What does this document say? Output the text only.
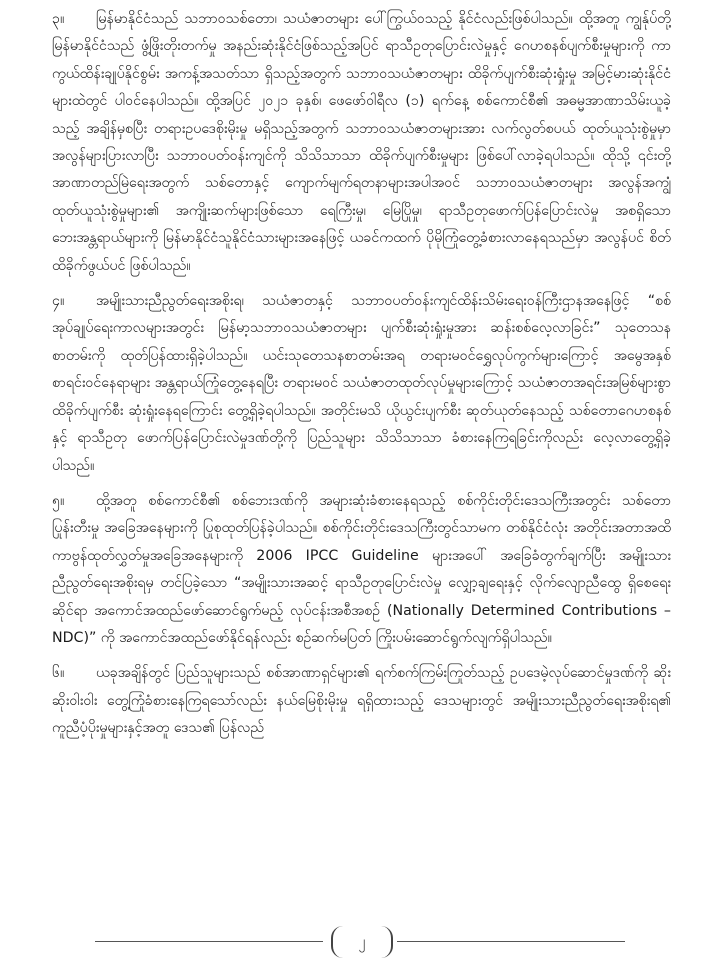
၃။ မြန်မာနိုင်ငံသည် သဘာဝသစ်တော၊ သယံဇာတများ ပေါ်ကြွယ်ဝသည့် နိုင်ငံလည်းဖြစ်ပါသည်။ ထို့အတူ ကျွန်ုပ်တို့ မြန်မာနိုင်ငံသည် ဖွံ့ဖြိုးတိုးတက်မှု အနည်းဆုံးနိုင်ငံဖြစ်သည့်အပြင် ရာသီဥတုပြောင်းလဲမှုနှင့် ဂေဟစနစ်ပျက်စီးမှုများကို ကာကွယ်ထိန်းချုပ်နိုင်စွမ်း အကန့်အသတ်သာ ရှိသည့်အတွက် သဘာဝသယံဇာတများ ထိခိုက်ပျက်စီးဆုံးရှုံးမှု အမြင့်မားဆုံးနိုင်ငံများထဲတွင် ပါဝင်နေပါသည်။ ထို့အပြင် ၂၀၂၁ ခုနှစ်၊ ဖေဖော်ဝါရီလ (၁) ရက်နေ့ စစ်ကောင်စီ၏ အဓမ္မအာဏာသိမ်းယူခဲ့သည့် အချိန်မှစပြီး တရားဥပဒေစိုးမိုးမှု မရှိသည့်အတွက် သဘာဝသယံဇာတများအား လက်လွတ်စပယ် ထုတ်ယူသုံးစွဲမှုမှာ အလွန်များပြားလာပြီး သဘာဝပတ်ဝန်းကျင်ကို သိသိသာသာ ထိခိုက်ပျက်စီးမှုများ ဖြစ်ပေါ်လာခဲ့ရပါသည်။ ထိုသို့ ၎င်းတို့ အာဏာတည်မြဲရေးအတွက် သစ်တောနှင့် ကျောက်မျက်ရတနာများအပါအဝင် သဘာဝသယံဇာတများ အလွန်အကျွံ ထုတ်ယူသုံးစွဲမှုများ၏ အကျိုးဆက်များဖြစ်သော ရေကြီးမှု၊ မြေပြိုမှု၊ ရာသီဥတုဖောက်ပြန်ပြောင်းလဲမှု အစရှိသော ဘေးအန္တရာယ်များကို မြန်မာနိုင်ငံသူနိုင်ငံသားများအနေဖြင့် ယခင်ကထက် ပိုမိုကြုံတွေ့ခံစားလာနေရသည်မှာ အလွန်ပင် စိတ်ထိခိုက်ဖွယ်ပင် ဖြစ်ပါသည်။

၄။ အမျိုးသားညီညွတ်ရေးအစိုးရ၊ သယံဇာတနှင့် သဘာဝပတ်ဝန်းကျင်ထိန်းသိမ်းရေးဝန်ကြီးဌာနအနေဖြင့် “စစ်အုပ်ချုပ်ရေးကာလများအတွင်း မြန်မာ့သဘာဝသယံဇာတများ ပျက်စီးဆုံးရှုံးမှုအား ဆန်းစစ်လေ့လာခြင်း” သုတေသနစာတမ်းကို ထုတ်ပြန်ထားရှိခဲ့ပါသည်။ ယင်းသုတေသနစာတမ်းအရ တရားမဝင်ရွှေလုပ်ကွက်များကြောင့် အမွေအနှစ်စာရင်းဝင်နေရာများ အန္တရာယ်ကြုံတွေ့နေရပြီး တရားမဝင် သယံဇာတထုတ်လုပ်မှုများကြောင့် သယံဇာတအရင်းအမြစ်များစွာ ထိခိုက်ပျက်စီး ဆုံးရှုံးနေရကြောင်း တွေ့ရှိခဲ့ရပါသည်။ အတိုင်းမသိ ယိုယွင်းပျက်စီး ဆုတ်ယုတ်နေသည့် သစ်တောဂေဟစနစ်နှင့် ရာသီဥတု ဖောက်ပြန်ပြောင်းလဲမှုဒဏ်တို့ကို ပြည်သူများ သိသိသာသာ ခံစားနေကြရခြင်းကိုလည်း လေ့လာတွေ့ရှိခဲ့ပါသည်။

၅။ ထို့အတူ စစ်ကောင်စီ၏ စစ်ဘေးဒဏ်ကို အများဆုံးခံစားနေရသည့် စစ်ကိုင်းတိုင်းဒေသကြီးအတွင်း သစ်တောပြုန်းတီးမှု အခြေအနေများကို ပြုစုထုတ်ပြန်ခဲ့ပါသည်။ စစ်ကိုင်းတိုင်းဒေသကြီးတွင်သာမက တစ်နိုင်ငံလုံး အတိုင်းအတာအထိ ကာဗွန်ထုတ်လွှတ်မှုအခြေအနေများကို 2006 IPCC Guideline များအပေါ် အခြေခံတွက်ချက်ပြီး အမျိုးသားညီညွတ်ရေးအစိုးရမှ တင်ပြခဲ့သော “အမျိုးသားအဆင့် ရာသီဥတုပြောင်းလဲမှု လျှော့ချရေးနှင့် လိုက်လျောညီထွေ ရှိစေရေးဆိုင်ရာ အကောင်အထည်ဖော်ဆောင်ရွက်မည့် လုပ်ငန်းအစီအစဉ် (Nationally Determined Contributions – NDC)” ကို အကောင်အထည်ဖော်နိုင်ရန်လည်း စဉ်ဆက်မပြတ် ကြိုးပမ်းဆောင်ရွက်လျက်ရှိပါသည်။

၆။ ယခုအချိန်တွင် ပြည်သူများသည် စစ်အာဏာရှင်များ၏ ရက်စက်ကြမ်းကြုတ်သည့် ဥပဒေမဲ့လုပ်ဆောင်မှုဒဏ်ကို ဆိုးဆိုးဝါးဝါး တွေ့ကြုံခံစားနေကြရသော်လည်း နယ်မြေစိုးမိုးမှု ရရှိထားသည့် ဒေသများတွင် အမျိုးသားညီညွတ်ရေးအစိုးရ၏ ကူညီပံ့ပိုးမှုများနှင့်အတူ ဒေသ၏ ပြန်လည်

၂
